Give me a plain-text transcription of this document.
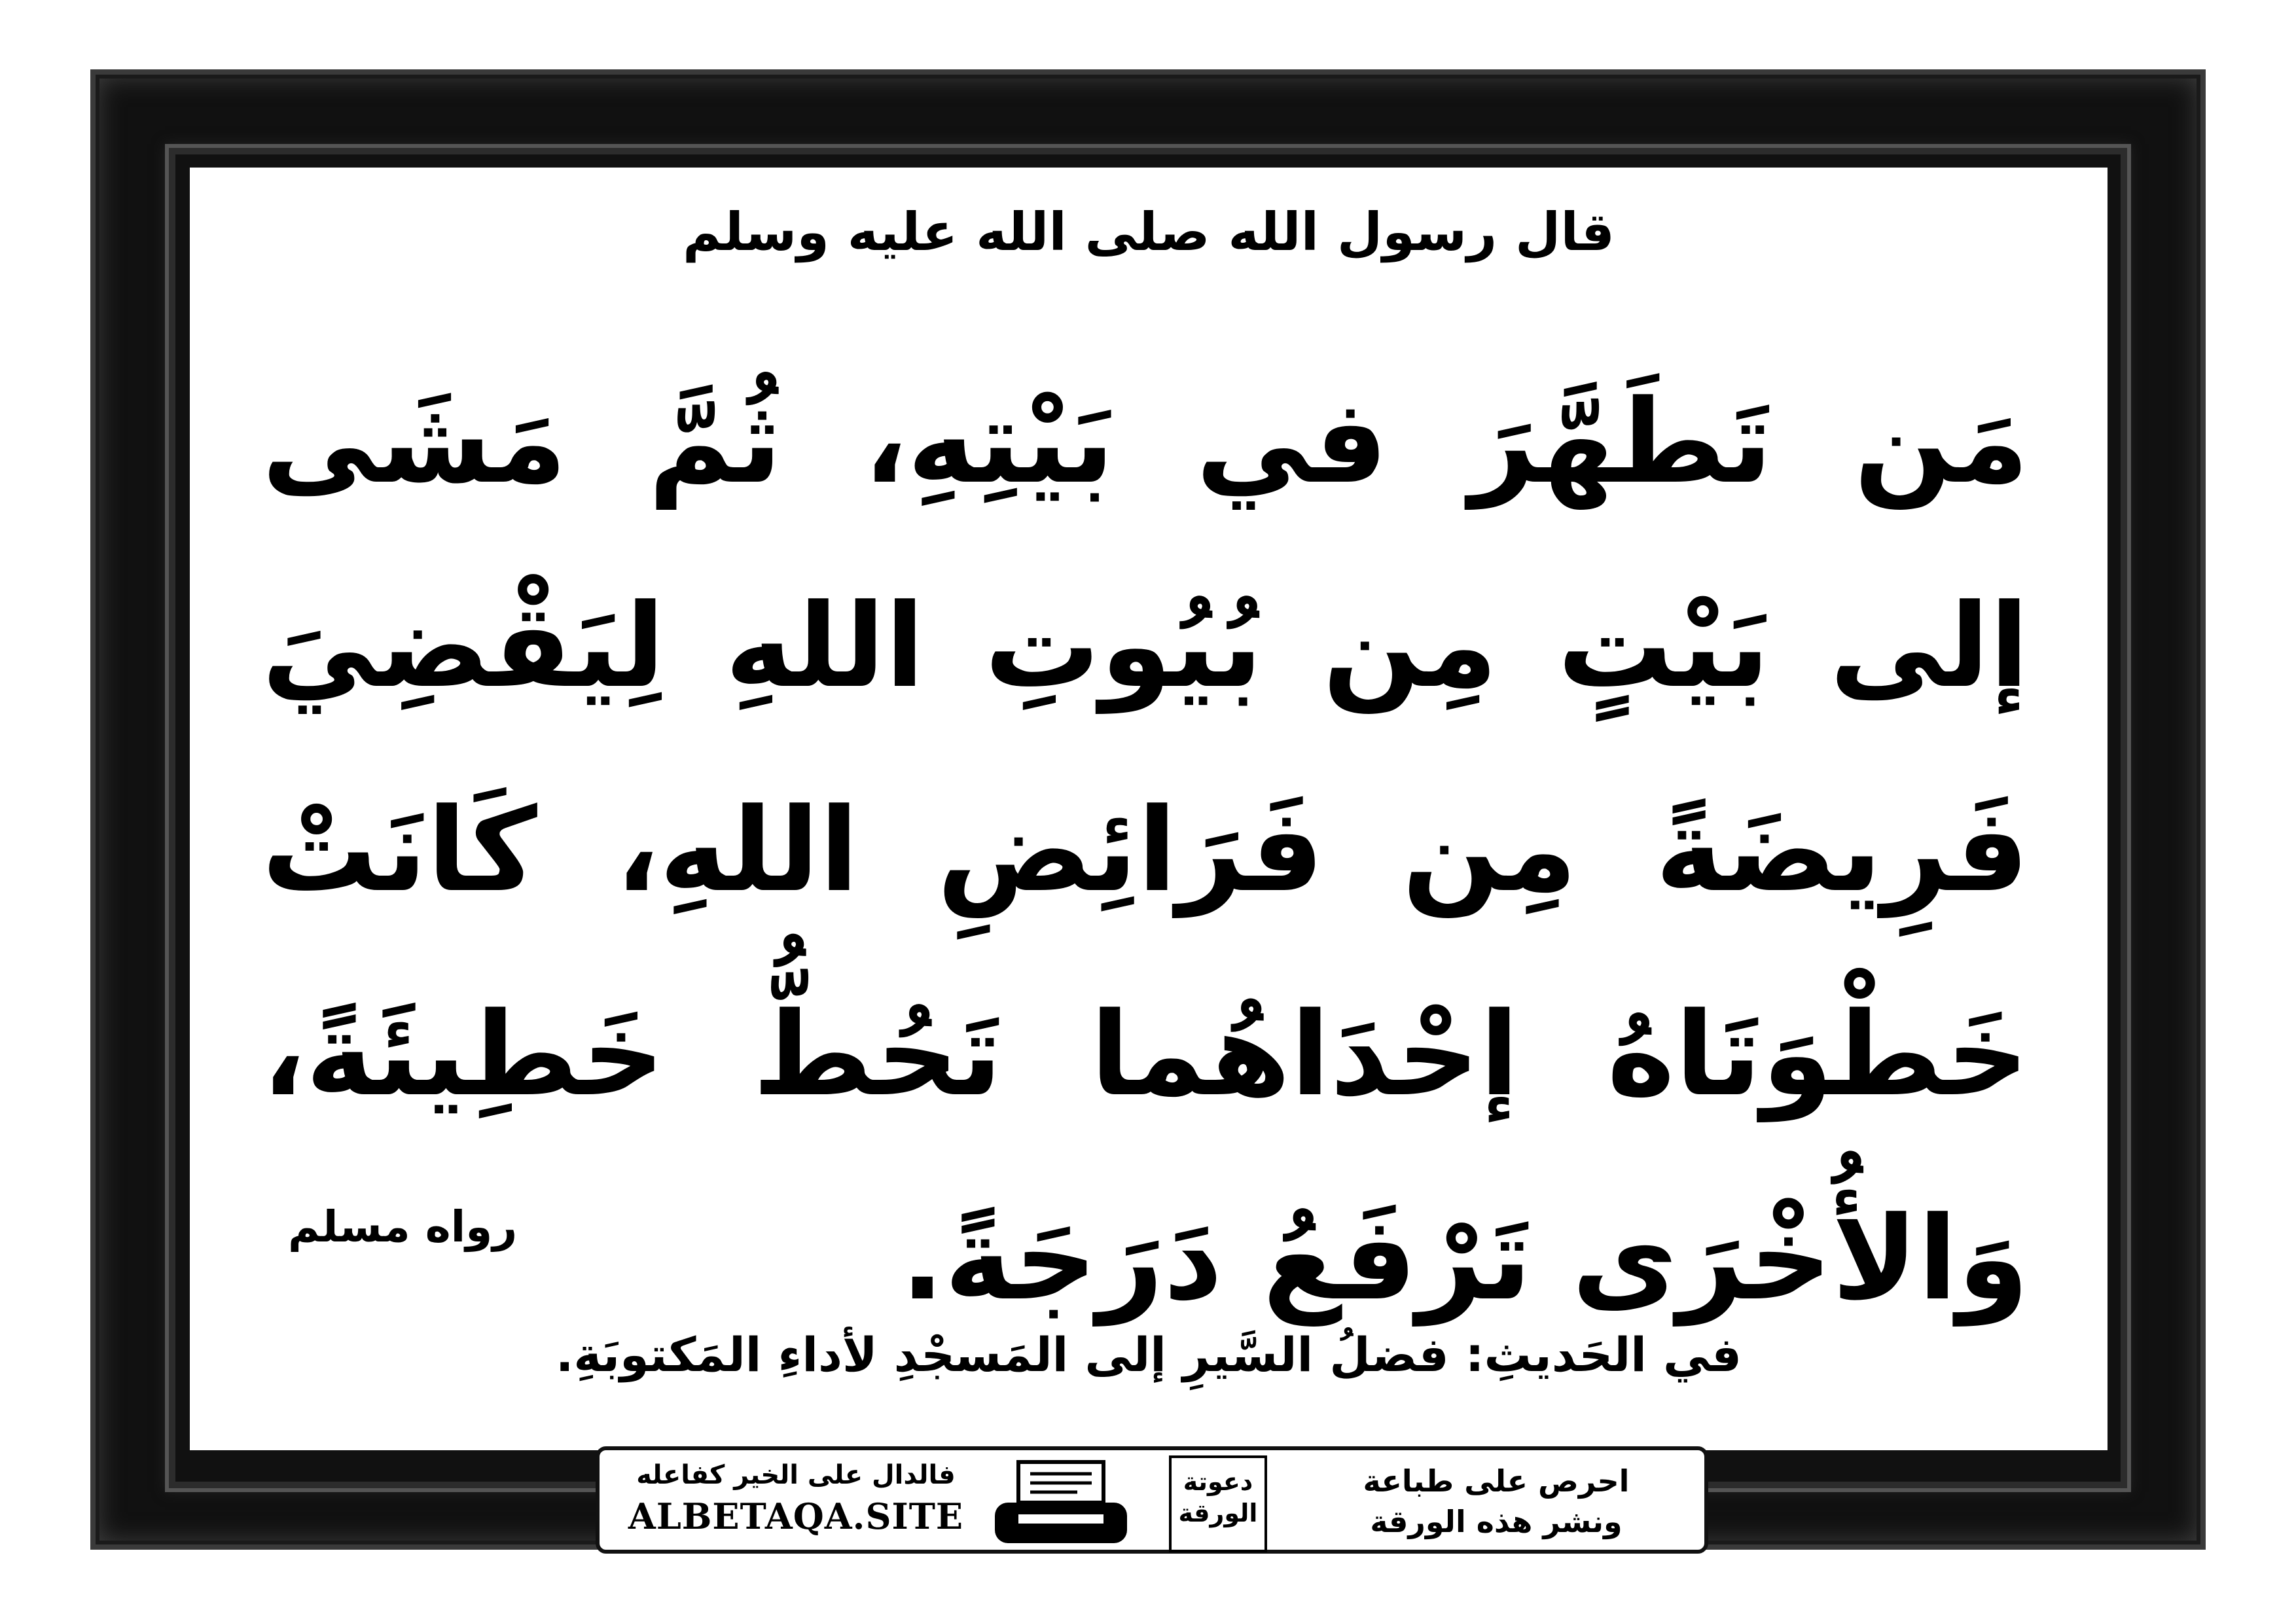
قال رسول الله صلى الله عليه وسلم
مَن تَطَهَّرَ في بَيْتِهِ، ثُمَّ مَشَى إلى بَيْتٍ مِن بُيُوتِ اللهِ لِيَقْضِيَ فَرِيضَةً مِن فَرَائِضِ اللهِ، كَانَتْ خَطْوَتَاهُ إحْدَاهُما تَحُطُّ خَطِيئَةً، وَالأُخْرَى تَرْفَعُ دَرَجَةً.
رواه مسلم
في الحَديثِ: فضلُ السَّيرِ إلى المَسجْدِ لأداءِ المَكتوبَةِ.
فالدال على الخير كفاعله
ALBETAQA.SITE
دعوتة
الورقة
احرص على طباعة
ونشر هذه الورقة
